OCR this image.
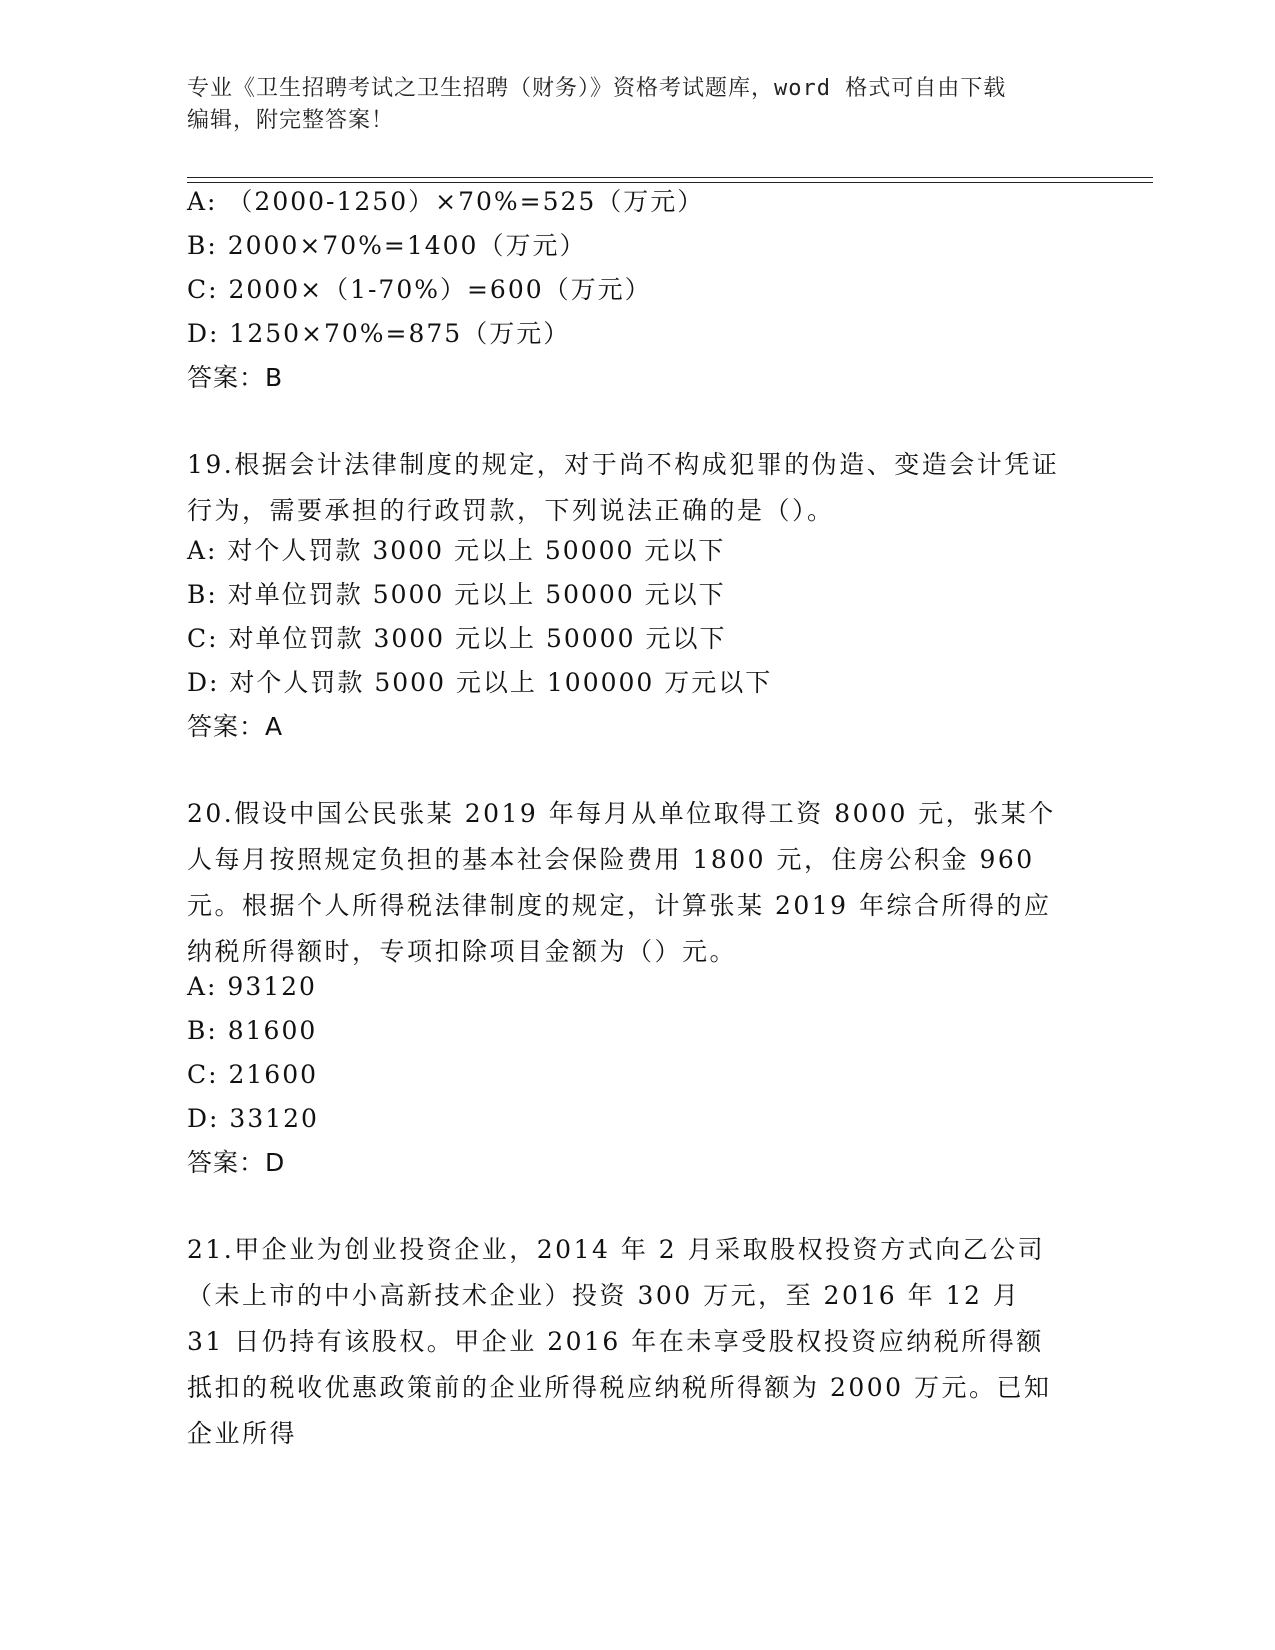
专业《卫生招聘考试之卫生招聘（财务）》资格考试题库，word 格式可自由下载
编辑，附完整答案！
A: （2000-1250）×70%=525（万元）
B: 2000×70%=1400（万元）
C: 2000×（1-70%）=600（万元）
D: 1250×70%=875（万元）
答案：B
19.根据会计法律制度的规定，对于尚不构成犯罪的伪造、变造会计凭证行为，需要承担的行政罚款，下列说法正确的是（）。
A: 对个人罚款 3000 元以上 50000 元以下
B: 对单位罚款 5000 元以上 50000 元以下
C: 对单位罚款 3000 元以上 50000 元以下
D: 对个人罚款 5000 元以上 100000 万元以下
答案：A
20.假设中国公民张某 2019 年每月从单位取得工资 8000 元，张某个人每月按照规定负担的基本社会保险费用 1800 元，住房公积金 960 元。根据个人所得税法律制度的规定，计算张某 2019 年综合所得的应纳税所得额时，专项扣除项目金额为（）元。
A: 93120
B: 81600
C: 21600
D: 33120
答案：D
21.甲企业为创业投资企业，2014 年 2 月采取股权投资方式向乙公司（未上市的中小高新技术企业）投资 300 万元，至 2016 年 12 月 31 日仍持有该股权。甲企业 2016 年在未享受股权投资应纳税所得额抵扣的税收优惠政策前的企业所得税应纳税所得额为 2000 万元。已知企业所得
